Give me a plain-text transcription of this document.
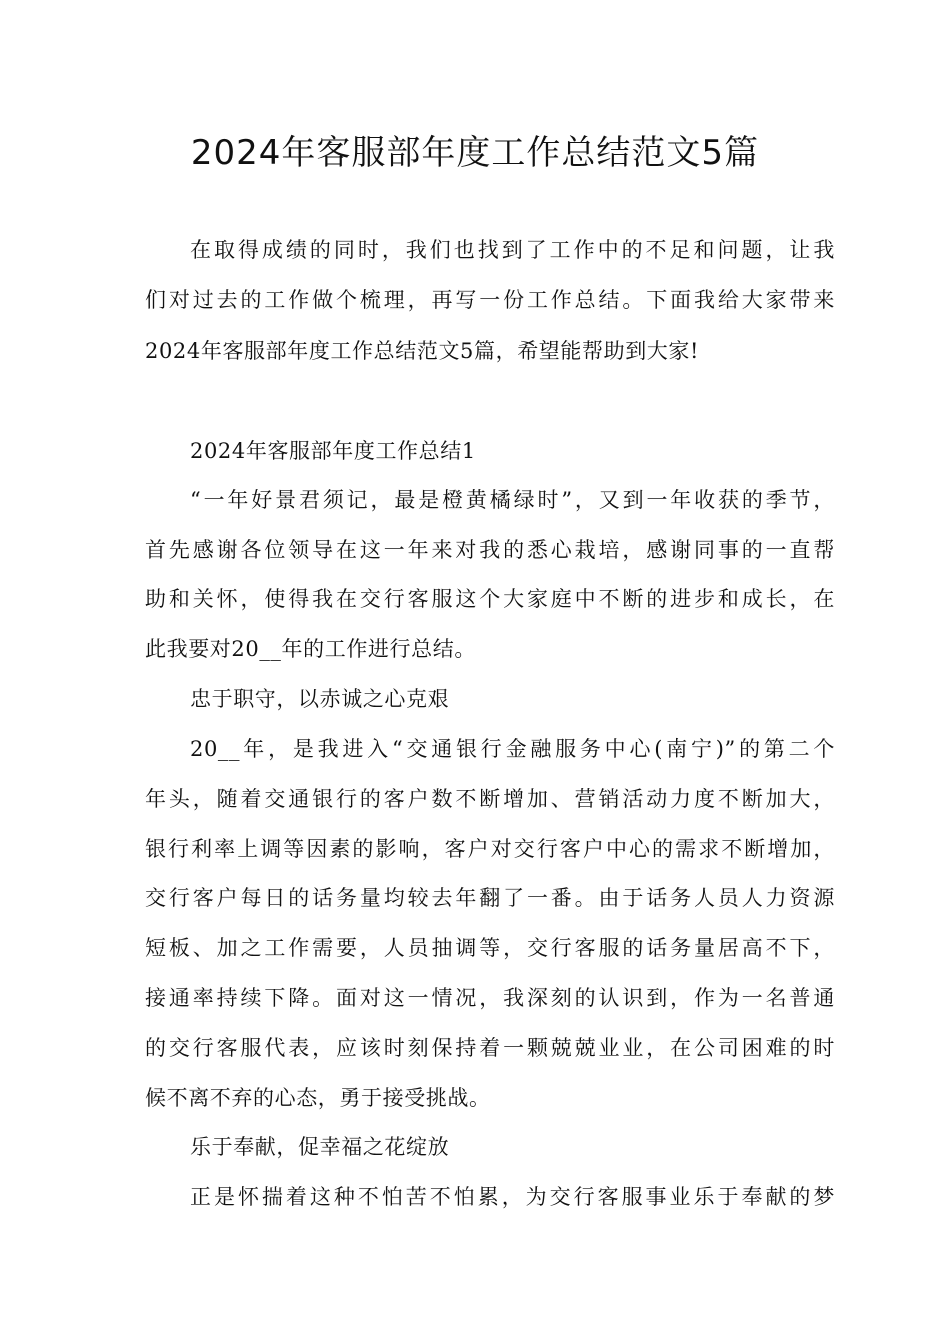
2024年客服部年度工作总结范文5篇
在取得成绩的同时，我们也找到了工作中的不足和问题，让我
们对过去的工作做个梳理，再写一份工作总结。下面我给大家带来
2024年客服部年度工作总结范文5篇，希望能帮助到大家!
2024年客服部年度工作总结1
“一年好景君须记，最是橙黄橘绿时”，又到一年收获的季节，
首先感谢各位领导在这一年来对我的悉心栽培，感谢同事的一直帮
助和关怀，使得我在交行客服这个大家庭中不断的进步和成长，在
此我要对20__年的工作进行总结。
忠于职守，以赤诚之心克艰
20__年，是我进入“交通银行金融服务中心(南宁)”的第二个
年头，随着交通银行的客户数不断增加、营销活动力度不断加大，
银行利率上调等因素的影响，客户对交行客户中心的需求不断增加，
交行客户每日的话务量均较去年翻了一番。由于话务人员人力资源
短板、加之工作需要，人员抽调等，交行客服的话务量居高不下，
接通率持续下降。面对这一情况，我深刻的认识到，作为一名普通
的交行客服代表，应该时刻保持着一颗兢兢业业，在公司困难的时
候不离不弃的心态，勇于接受挑战。
乐于奉献，促幸福之花绽放
正是怀揣着这种不怕苦不怕累，为交行客服事业乐于奉献的梦
